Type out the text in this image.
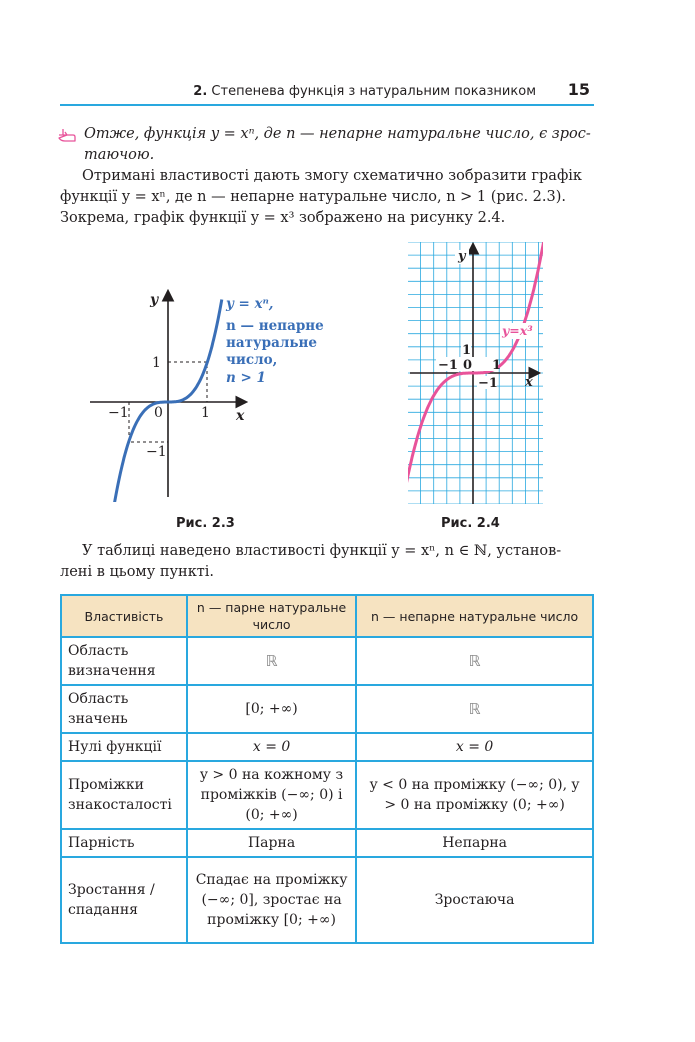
2. Степенева функція з натуральним показником 15
Отже, функція y = xⁿ, де n — непарне натуральне число, є зрос-
таючою.
Отримані властивості дають змогу схематично зобразити графік
функції y = xⁿ, де n — непарне натуральне число, n > 1 (рис. 2.3).
Зокрема, графік функції y = x³ зображено на рисунку 2.4.
y
x
−1 0	1
1
−1
y = xⁿ,
n — непарне
натуральне
число,
n > 1
Рис. 2.3
y
x
−1 0 1
1
−1
y=x³
Рис. 2.4
У таблиці наведено властивості функції y = xⁿ, n ∈ ℕ, установ-
лені в цьому пункті.
Властивість	n — парне натуральне число	n — непарне натуральне число
Область визначення	ℝ	ℝ
Область значень	[0; +∞)	ℝ
Нулі функції	x = 0	x = 0
Проміжки знакосталості	y > 0 на кожному з проміжків (−∞; 0) і (0; +∞)	y < 0 на проміжку (−∞; 0), y > 0 на проміжку (0; +∞)
Парність	Парна	Непарна
Зростання / спадання	Спадає на проміжку (−∞; 0], зростає на проміжку [0; +∞)	Зростаюча
